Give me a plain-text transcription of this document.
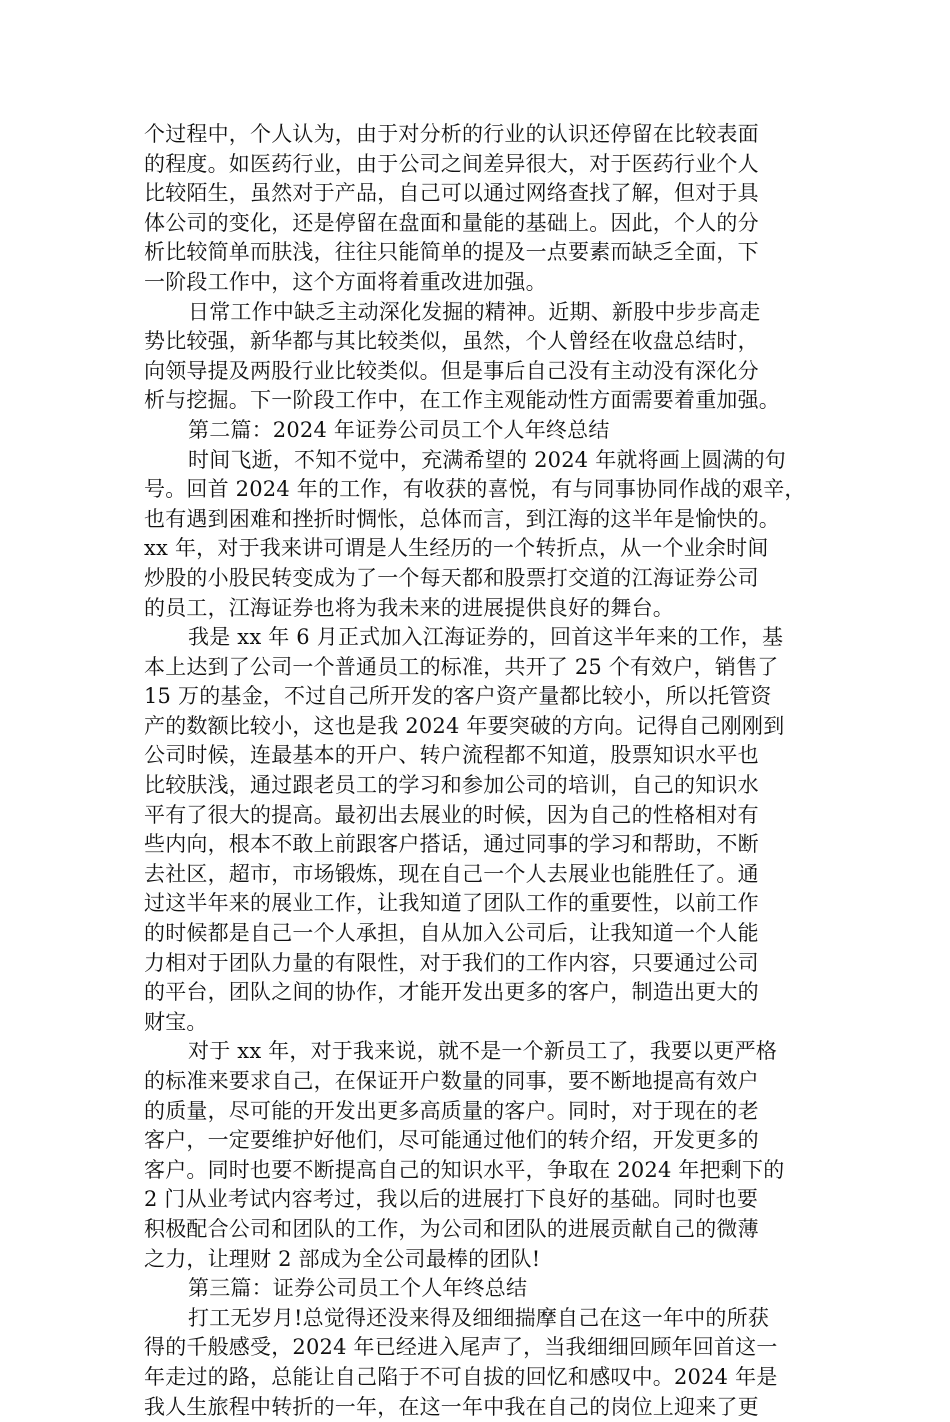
个过程中，个人认为，由于对分析的行业的认识还停留在比较表面
的程度。如医药行业，由于公司之间差异很大，对于医药行业个人
比较陌生，虽然对于产品，自己可以通过网络查找了解，但对于具
体公司的变化，还是停留在盘面和量能的基础上。因此，个人的分
析比较简单而肤浅，往往只能简单的提及一点要素而缺乏全面，下
一阶段工作中，这个方面将着重改进加强。
日常工作中缺乏主动深化发掘的精神。近期、新股中步步高走
势比较强，新华都与其比较类似，虽然，个人曾经在收盘总结时，
向领导提及两股行业比较类似。但是事后自己没有主动没有深化分
析与挖掘。下一阶段工作中，在工作主观能动性方面需要着重加强。
第二篇：2024 年证券公司员工个人年终总结
时间飞逝，不知不觉中，充满希望的 2024 年就将画上圆满的句
号。回首 2024 年的工作，有收获的喜悦，有与同事协同作战的艰辛，
也有遇到困难和挫折时惆怅，总体而言，到江海的这半年是愉快的。
xx 年，对于我来讲可谓是人生经历的一个转折点，从一个业余时间
炒股的小股民转变成为了一个每天都和股票打交道的江海证券公司
的员工，江海证券也将为我未来的进展提供良好的舞台。
我是 xx 年 6 月正式加入江海证券的，回首这半年来的工作，基
本上达到了公司一个普通员工的标准，共开了 25 个有效户，销售了
15 万的基金，不过自己所开发的客户资产量都比较小，所以托管资
产的数额比较小，这也是我 2024 年要突破的方向。记得自己刚刚到
公司时候，连最基本的开户、转户流程都不知道，股票知识水平也
比较肤浅，通过跟老员工的学习和参加公司的培训，自己的知识水
平有了很大的提高。最初出去展业的时候，因为自己的性格相对有
些内向，根本不敢上前跟客户搭话，通过同事的学习和帮助，不断
去社区，超市，市场锻炼，现在自己一个人去展业也能胜任了。通
过这半年来的展业工作，让我知道了团队工作的重要性，以前工作
的时候都是自己一个人承担，自从加入公司后，让我知道一个人能
力相对于团队力量的有限性，对于我们的工作内容，只要通过公司
的平台，团队之间的协作，才能开发出更多的客户，制造出更大的
财宝。
对于 xx 年，对于我来说，就不是一个新员工了，我要以更严格
的标准来要求自己，在保证开户数量的同事，要不断地提高有效户
的质量，尽可能的开发出更多高质量的客户。同时，对于现在的老
客户，一定要维护好他们，尽可能通过他们的转介绍，开发更多的
客户。同时也要不断提高自己的知识水平，争取在 2024 年把剩下的
2 门从业考试内容考过，我以后的进展打下良好的基础。同时也要
积极配合公司和团队的工作，为公司和团队的进展贡献自己的微薄
之力，让理财 2 部成为全公司最棒的团队!
第三篇：证券公司员工个人年终总结
打工无岁月!总觉得还没来得及细细揣摩自己在这一年中的所获
得的千般感受，2024 年已经进入尾声了，当我细细回顾年回首这一
年走过的路，总能让自己陷于不可自拔的回忆和感叹中。2024 年是
我人生旅程中转折的一年，在这一年中我在自己的岗位上迎来了更
